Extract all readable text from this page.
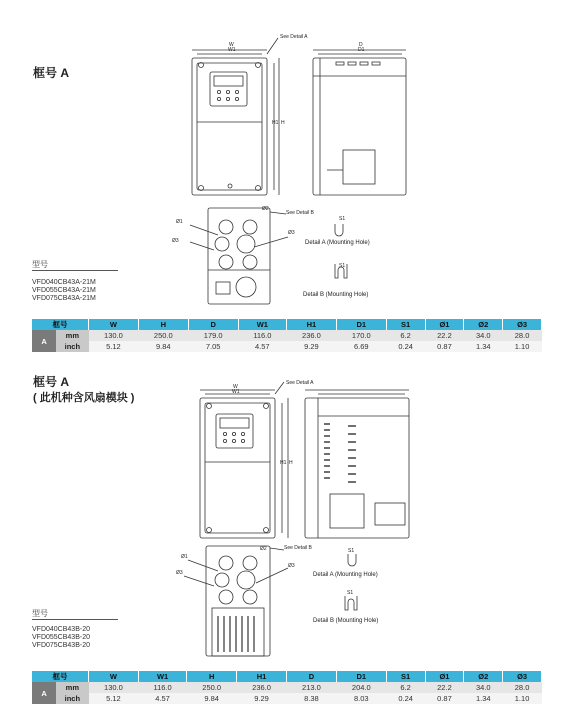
框号 A
W
W1
H1 H
D
D1
See Detail A
See Detail B
Ø1
Ø3
Ø2
Ø3
S1
Detail A (Mounting Hole)
S1
Detail B (Mounting Hole)
型号
VFD040CB43A-21M
VFD055CB43A-21M
VFD075CB43A-21M
框号		W	H	D	W1	H1	D1	S1	Ø1	Ø2	Ø3
A	mm	130.0	250.0	179.0	116.0	236.0	170.0	6.2	22.2	34.0	28.0
	inch	5.12	9.84	7.05	4.57	9.29	6.69	0.24	0.87	1.34	1.10
框号 A
( 此机种含风扇模块 )
W
W1
H1 H
See Detail A
See Detail B
Ø1
Ø3
Ø2
Ø3
S1
Detail A (Mounting Hole)
S1
Detail B (Mounting Hole)
型号
VFD040CB43B-20
VFD055CB43B-20
VFD075CB43B-20
框号		W	W1	H	H1	D	D1	S1	Ø1	Ø2	Ø3
A	mm	130.0	116.0	250.0	236.0	213.0	204.0	6.2	22.2	34.0	28.0
	inch	5.12	4.57	9.84	9.29	8.38	8.03	0.24	0.87	1.34	1.10
